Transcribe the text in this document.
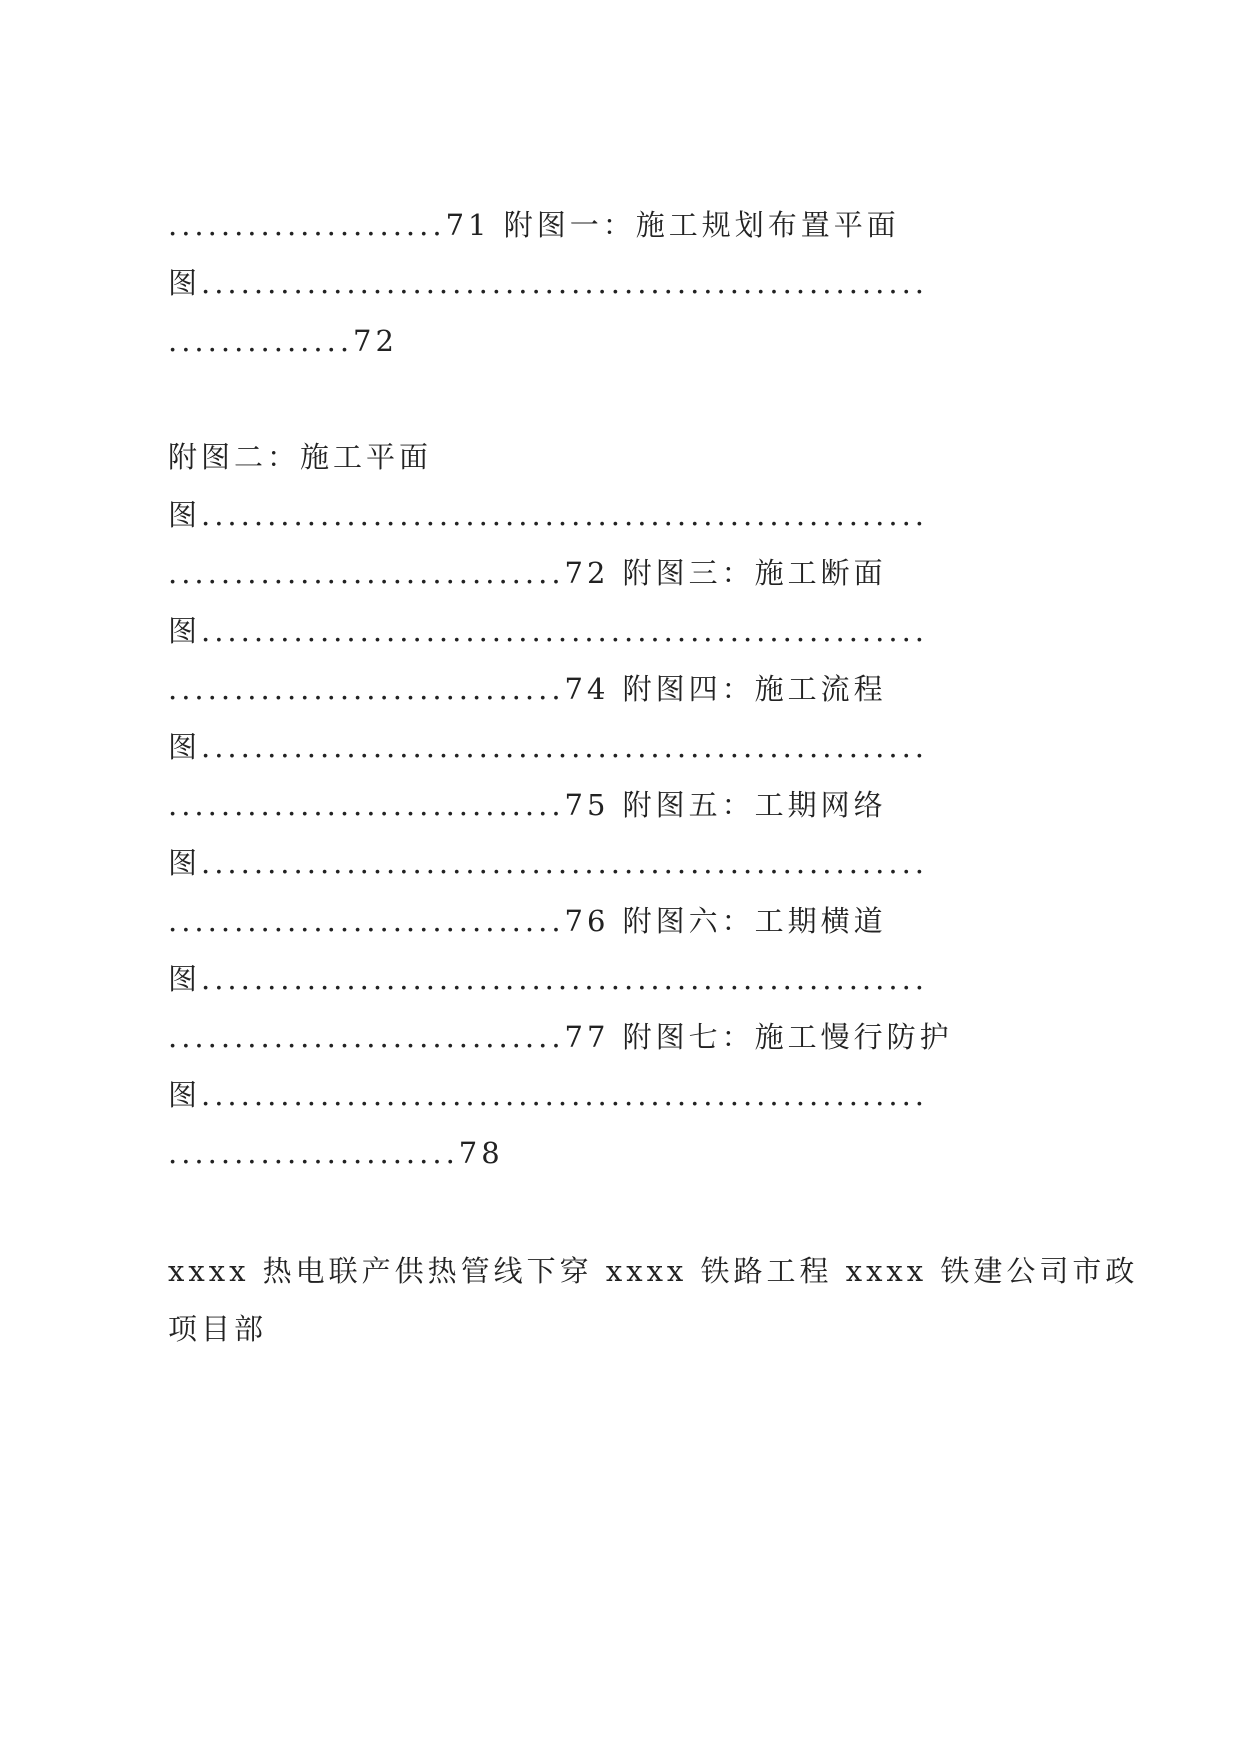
.....................71 附图一：施工规划布置平面
图.......................................................
..............72
附图二：施工平面
图.......................................................
..............................72 附图三：施工断面
图.......................................................
..............................74 附图四：施工流程
图.......................................................
..............................75 附图五：工期网络
图.......................................................
..............................76 附图六：工期横道
图.......................................................
..............................77 附图七：施工慢行防护
图.......................................................
......................78
xxxx 热电联产供热管线下穿 xxxx 铁路工程 xxxx 铁建公司市政
项目部
